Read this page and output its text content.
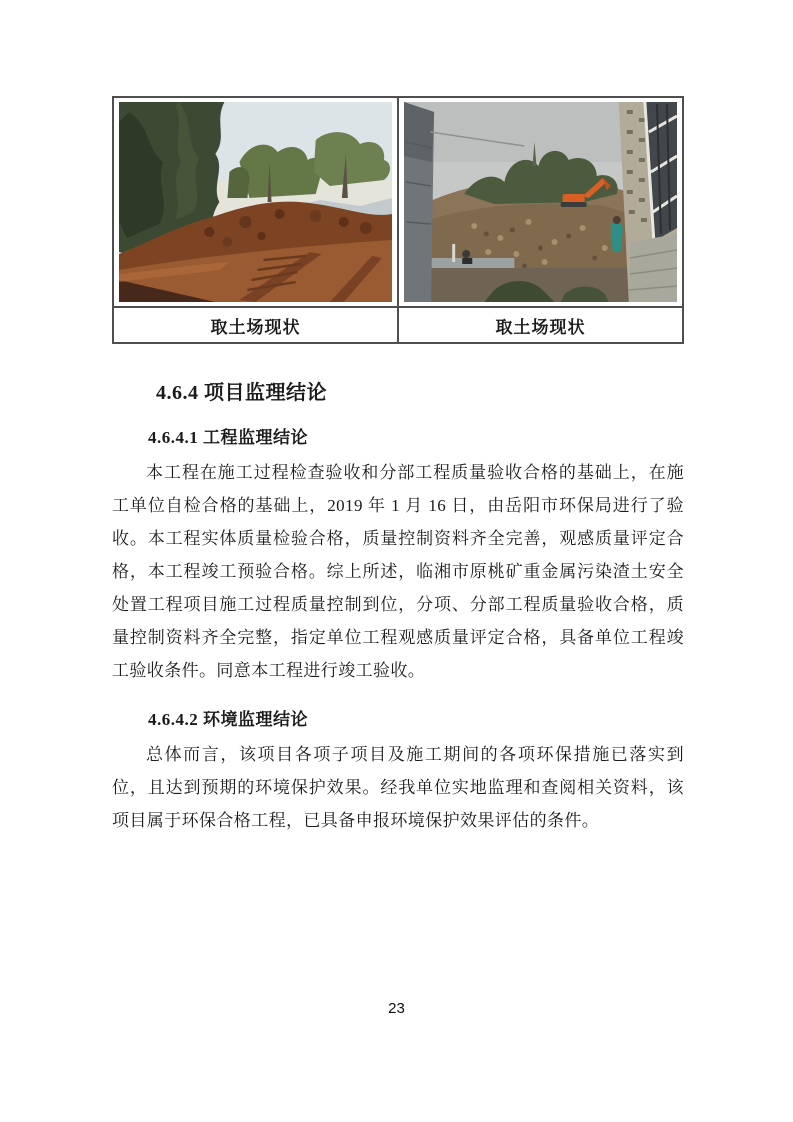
取土场现状	取土场现状
4.6.4 项目监理结论
4.6.4.1 工程监理结论
本工程在施工过程检查验收和分部工程质量验收合格的基础上，在施工单位自检合格的基础上，2019 年 1 月 16 日，由岳阳市环保局进行了验收。本工程实体质量检验合格，质量控制资料齐全完善，观感质量评定合格，本工程竣工预验合格。综上所述，临湘市原桃矿重金属污染渣土安全处置工程项目施工过程质量控制到位，分项、分部工程质量验收合格，质量控制资料齐全完整，指定单位工程观感质量评定合格，具备单位工程竣工验收条件。同意本工程进行竣工验收。
4.6.4.2 环境监理结论
总体而言，该项目各项子项目及施工期间的各项环保措施已落实到位，且达到预期的环境保护效果。经我单位实地监理和查阅相关资料，该项目属于环保合格工程，已具备申报环境保护效果评估的条件。
23
